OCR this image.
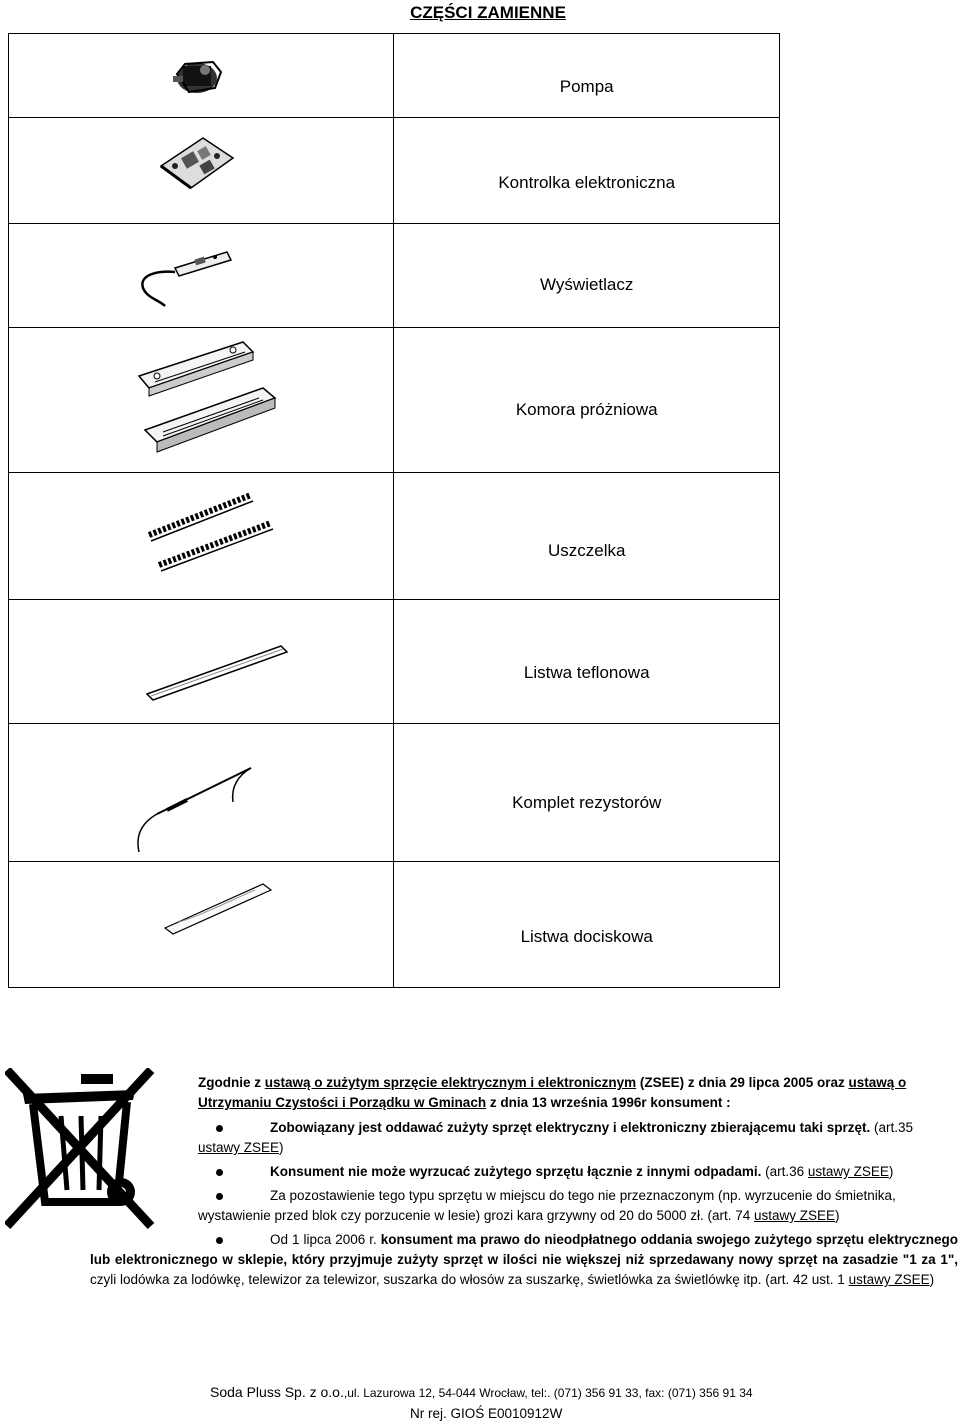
CZĘŚCI ZAMIENNE

Pompa

Kontrolka elektroniczna

Wyświetlacz

Komora próżniowa

Uszczelka

Listwa teflonowa

Komplet rezystorów

Listwa dociskowa
Zgodnie z ustawą o zużytym sprzęcie elektrycznym i elektronicznym (ZSEE) z dnia 29 lipca 2005 oraz ustawą o Utrzymaniu Czystości i Porządku w Gminach z dnia 13 września 1996r konsument :
Zobowiązany jest oddawać zużyty sprzęt elektryczny i elektroniczny zbierającemu taki sprzęt. (art.35
ustawy ZSEE)
Konsument nie może wyrzucać zużytego sprzętu łącznie z innymi odpadami. (art.36 ustawy ZSEE)
Za pozostawienie tego typu sprzętu w miejscu do tego nie przeznaczonym (np. wyrzucenie do śmietnika,
wystawienie przed blok czy porzucenie w lesie) grozi kara grzywny od 20 do 5000 zł. (art. 74 ustawy ZSEE)
Od 1 lipca 2006 r. konsument ma prawo do nieodpłatnego oddania swojego zużytego sprzętu elektrycznego lub elektronicznego w sklepie, który przyjmuje zużyty sprzęt w ilości nie większej niż sprzedawany nowy sprzęt na zasadzie "1 za 1", czyli lodówka za lodówkę, telewizor za telewizor, suszarka do włosów za suszarkę, świetlówka za świetlówkę itp. (art. 42 ust. 1 ustawy ZSEE)
Soda Pluss Sp. z o.o.,ul. Lazurowa 12, 54-044 Wrocław, tel:. (071) 356 91 33, fax: (071) 356 91 34
Nr rej. GIOŚ E0010912W
